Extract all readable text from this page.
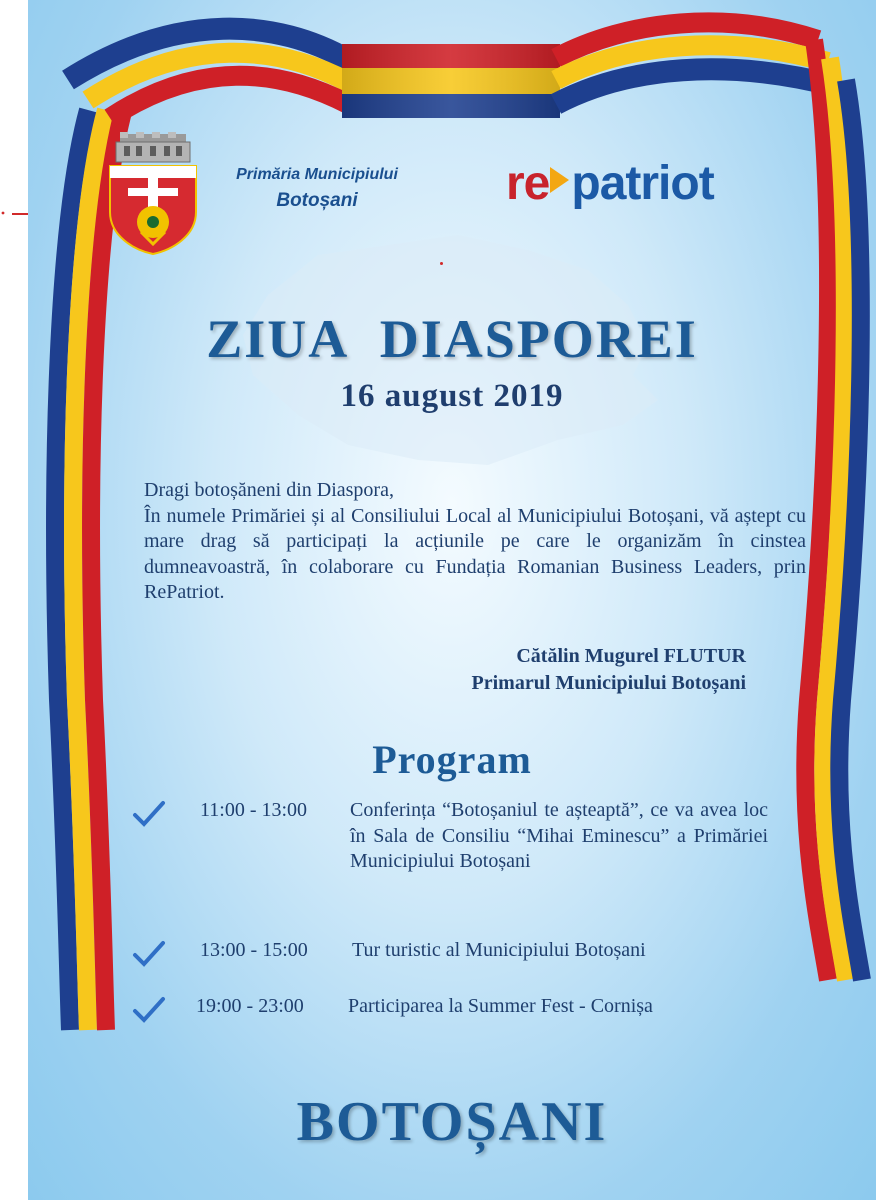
Primăria Municipiului
Botoșani	re patriot
ZIUA DIASPOREI
16 august 2019

Dragi botoșăneni din Diaspora,

În numele Primăriei și al Consiliului Local al Municipiului Botoșani, vă aștept cu mare drag să participați la acțiunile pe care le organizăm în cinstea dumneavoastră, în colaborare cu Fundația Romanian Business Leaders, prin RePatriot.

Cătălin Mugurel FLUTUR
Primarul Municipiului Botoșani
Program
11:00 - 13:00 Conferința “Botoșaniul te așteaptă”, ce va avea loc în Sala de Consiliu “Mihai Eminescu” a Primăriei Municipiului Botoșani
13:00 - 15:00 Tur turistic al Municipiului Botoșani
19:00 - 23:00 Participarea la Summer Fest - Cornișa
BOTOȘANI
